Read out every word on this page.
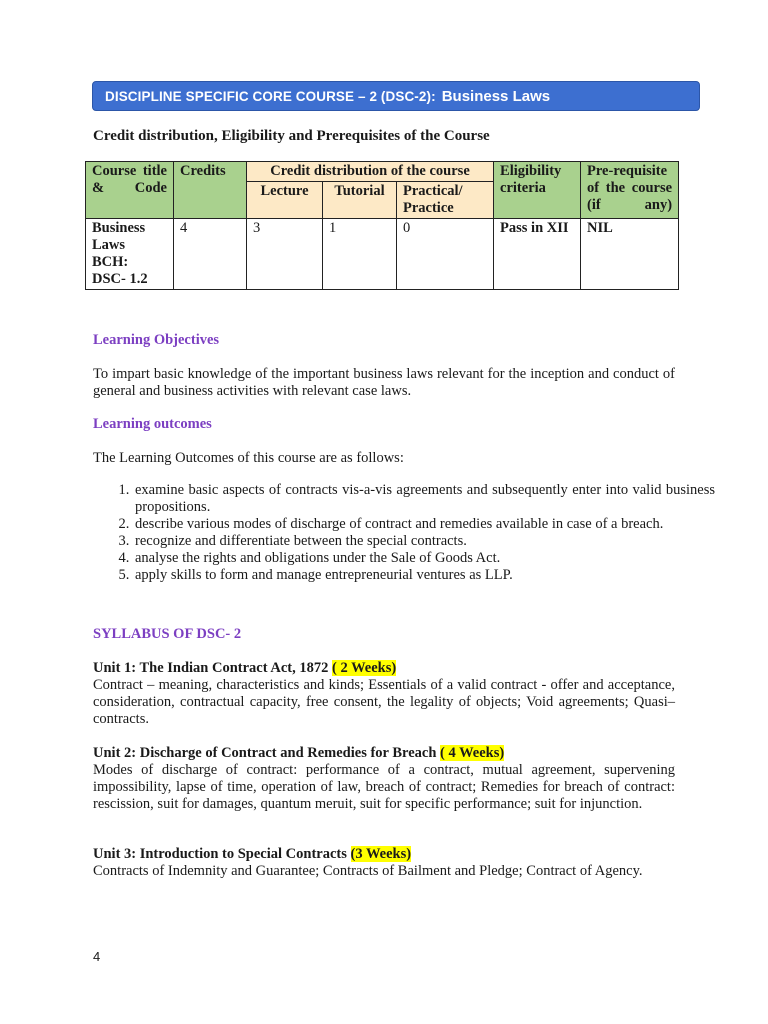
DISCIPLINE SPECIFIC CORE COURSE – 2 (DSC-2): Business Laws
Credit distribution, Eligibility and Prerequisites of the Course
Course title & Code	Credits	Credit distribution of the course			Eligibility criteria	Pre-requisite of the course (if any)

		Lecture	Tutorial	Practical/ Practice		

Business
Laws
BCH:
DSC- 1.2	4	3	1	0	Pass in XII	NIL
Learning Objectives
To impart basic knowledge of the important business laws relevant for the inception and conduct of general and business activities with relevant case laws.
Learning outcomes
The Learning Outcomes of this course are as follows:
1. examine basic aspects of contracts vis-a-vis agreements and subsequently enter into valid business propositions.
2. describe various modes of discharge of contract and remedies available in case of a breach.
3. recognize and differentiate between the special contracts.
4. analyse the rights and obligations under the Sale of Goods Act.
5. apply skills to form and manage entrepreneurial ventures as LLP.
SYLLABUS OF DSC- 2
Unit 1: The Indian Contract Act, 1872 ( 2 Weeks)
Contract – meaning, characteristics and kinds; Essentials of a valid contract - offer and acceptance, consideration, contractual capacity, free consent, the legality of objects; Void agreements; Quasi–contracts.
Unit 2: Discharge of Contract and Remedies for Breach ( 4 Weeks)
Modes of discharge of contract: performance of a contract, mutual agreement, supervening impossibility, lapse of time, operation of law, breach of contract; Remedies for breach of contract: rescission, suit for damages, quantum meruit, suit for specific performance; suit for injunction.
Unit 3: Introduction to Special Contracts (3 Weeks)
Contracts of Indemnity and Guarantee; Contracts of Bailment and Pledge; Contract of Agency.
4
